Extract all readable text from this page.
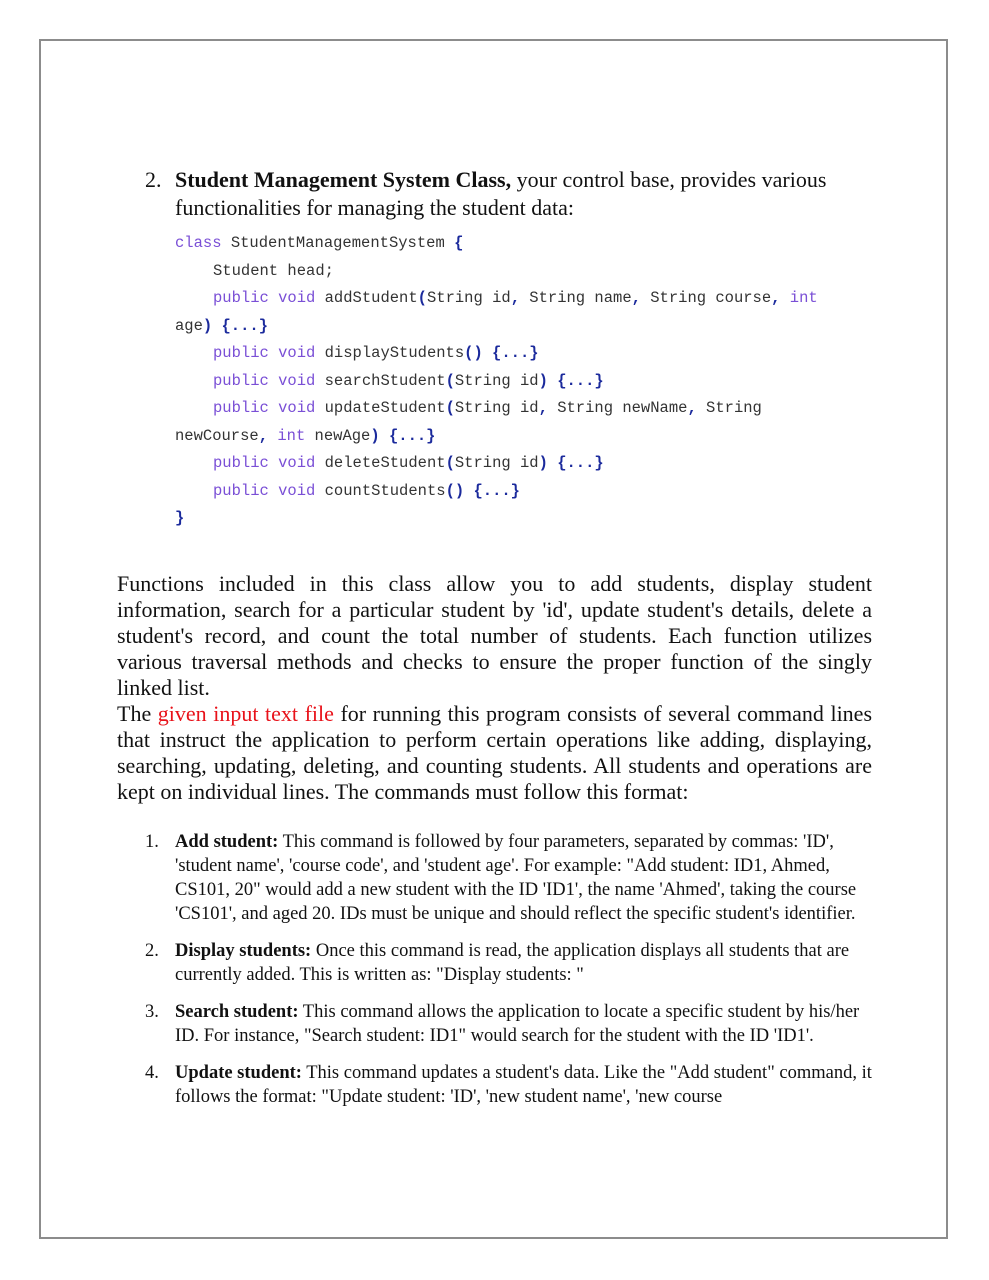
2. Student Management System Class, your control base, provides various functionalities for managing the student data:
class StudentManagementSystem {
Student head;
public void addStudent(String id, String name, String course, int
age) {...}
public void displayStudents() {...}
public void searchStudent(String id) {...}
public void updateStudent(String id, String newName, String
newCourse, int newAge) {...}
public void deleteStudent(String id) {...}
public void countStudents() {...}
}

Functions included in this class allow you to add students, display student information, search for a particular student by 'id', update student's details, delete a student's record, and count the total number of students. Each function utilizes various traversal methods and checks to ensure the proper function of the singly linked list.

The given input text file for running this program consists of several command lines that instruct the application to perform certain operations like adding, displaying, searching, updating, deleting, and counting students. All students and operations are kept on individual lines. The commands must follow this format:

1. Add student: This command is followed by four parameters, separated by commas: 'ID', 'student name', 'course code', and 'student age'. For example: "Add student: ID1, Ahmed, CS101, 20" would add a new student with the ID 'ID1', the name 'Ahmed', taking the course 'CS101', and aged 20. IDs must be unique and should reflect the specific student's identifier.
2. Display students: Once this command is read, the application displays all students that are currently added. This is written as: "Display students: "
3. Search student: This command allows the application to locate a specific student by his/her ID. For instance, "Search student: ID1" would search for the student with the ID 'ID1'.
4. Update student: This command updates a student's data. Like the "Add student" command, it follows the format: "Update student: 'ID', 'new student name', 'new course
